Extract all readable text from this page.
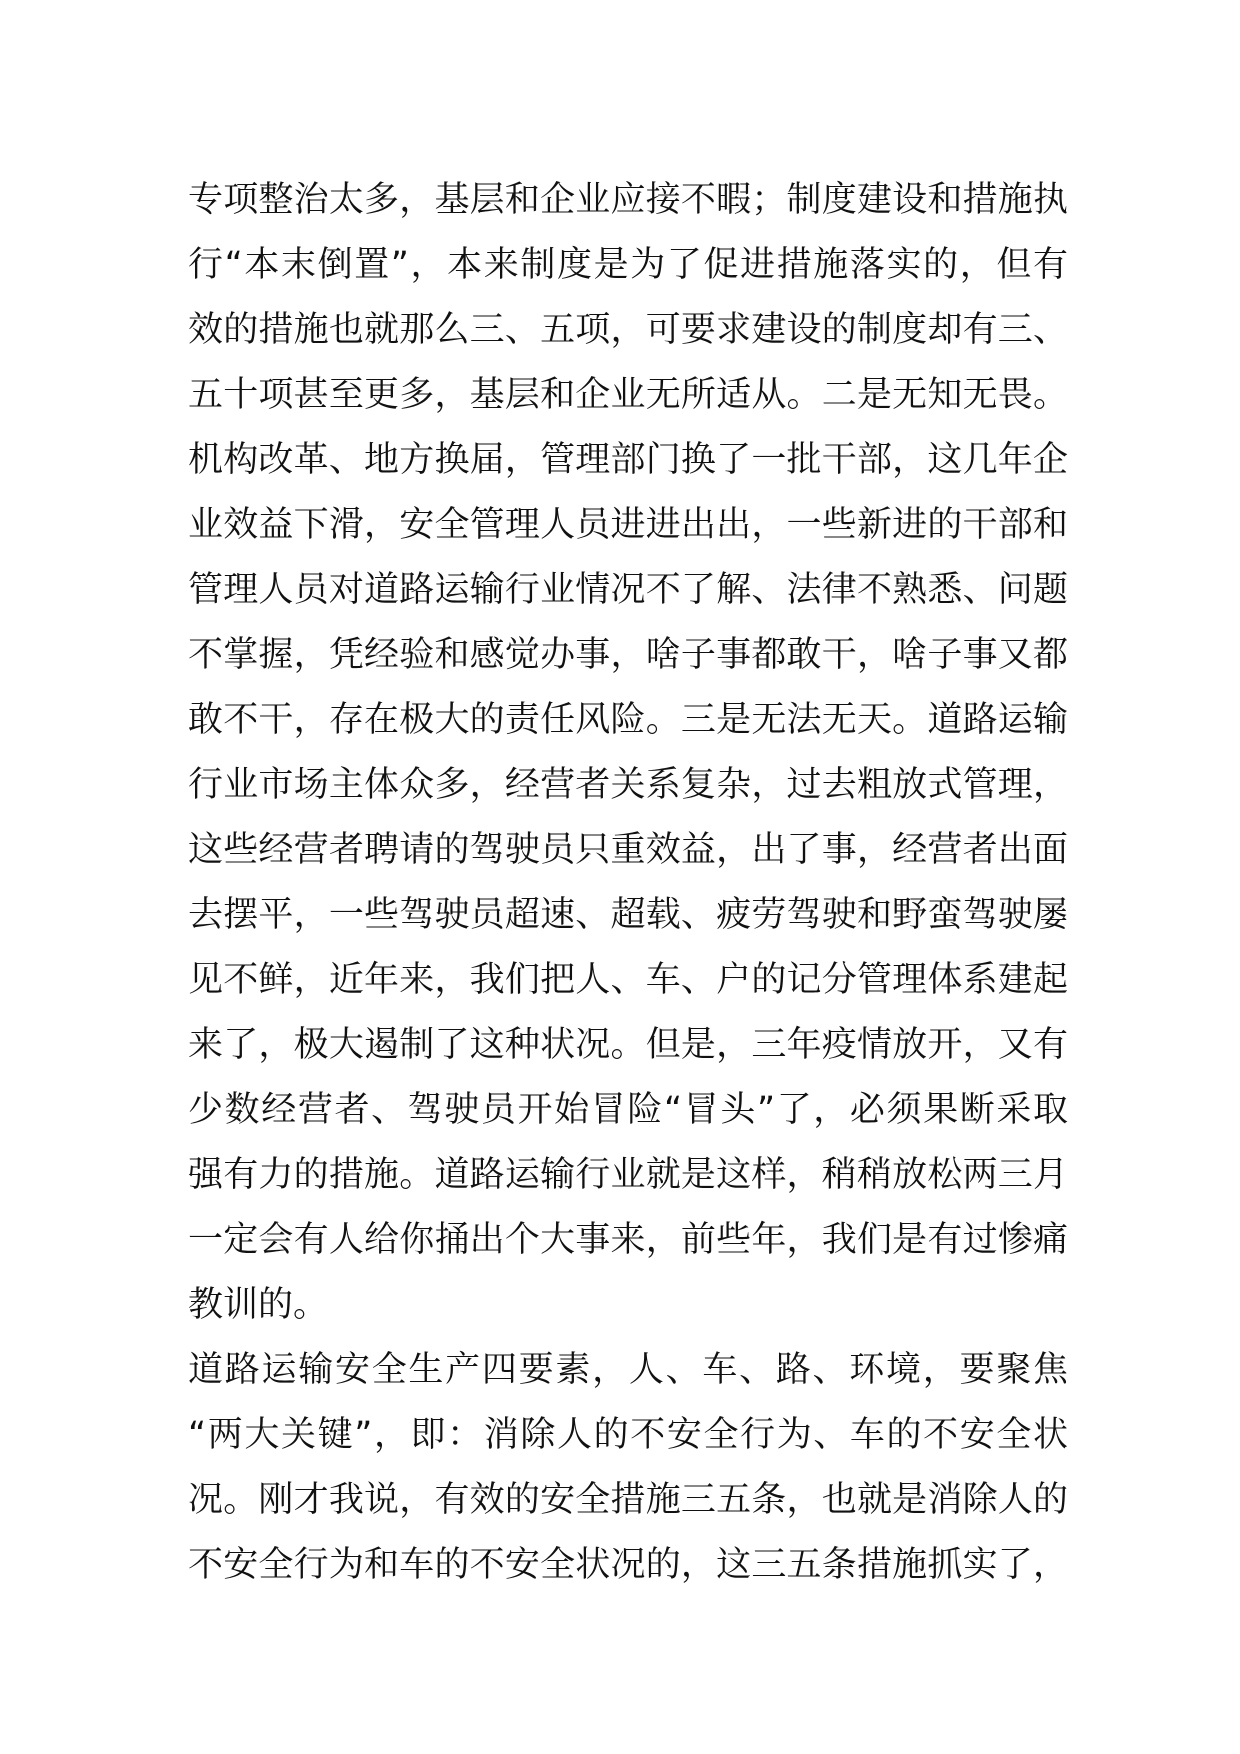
专项整治太多，基层和企业应接不暇；制度建设和措施执
行“本末倒置”，本来制度是为了促进措施落实的，但有
效的措施也就那么三、五项，可要求建设的制度却有三、
五十项甚至更多，基层和企业无所适从。二是无知无畏。
机构改革、地方换届，管理部门换了一批干部，这几年企
业效益下滑，安全管理人员进进出出，一些新进的干部和
管理人员对道路运输行业情况不了解、法律不熟悉、问题
不掌握，凭经验和感觉办事，啥子事都敢干，啥子事又都
敢不干，存在极大的责任风险。三是无法无天。道路运输
行业市场主体众多，经营者关系复杂，过去粗放式管理，
这些经营者聘请的驾驶员只重效益，出了事，经营者出面
去摆平，一些驾驶员超速、超载、疲劳驾驶和野蛮驾驶屡
见不鲜，近年来，我们把人、车、户的记分管理体系建起
来了，极大遏制了这种状况。但是，三年疫情放开，又有
少数经营者、驾驶员开始冒险“冒头”了，必须果断采取
强有力的措施。道路运输行业就是这样，稍稍放松两三月
一定会有人给你捅出个大事来，前些年，我们是有过惨痛
教训的。
道路运输安全生产四要素，人、车、路、环境，要聚焦
“两大关键”，即：消除人的不安全行为、车的不安全状
况。刚才我说，有效的安全措施三五条，也就是消除人的
不安全行为和车的不安全状况的，这三五条措施抓实了，
